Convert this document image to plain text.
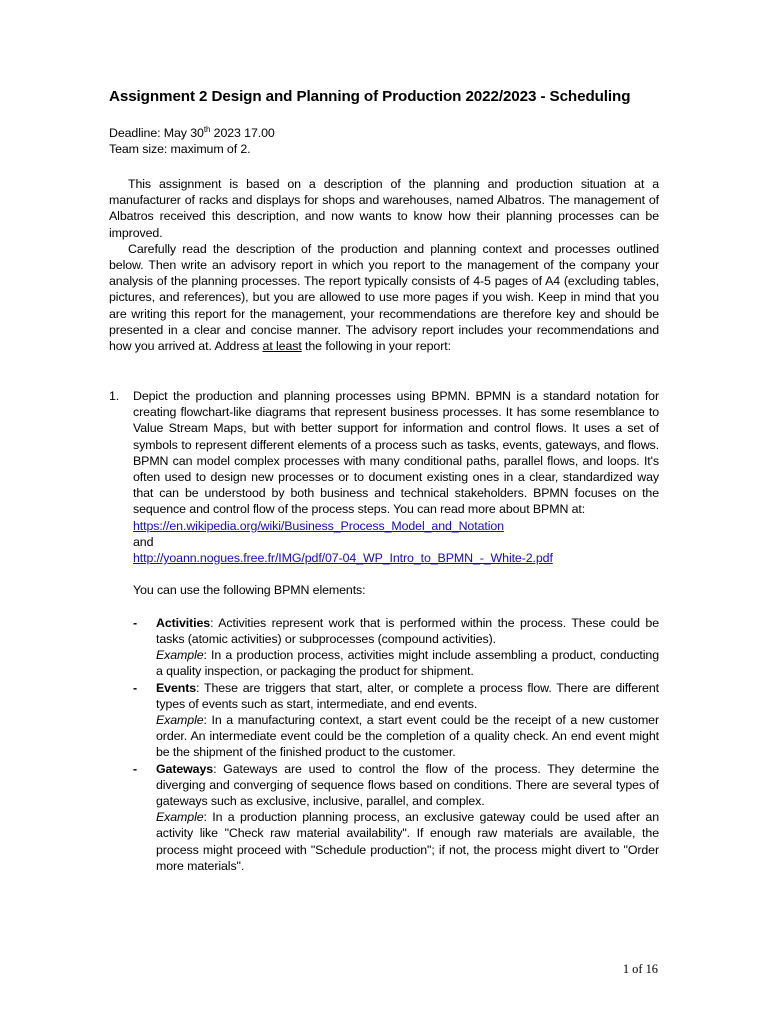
Assignment 2 Design and Planning of Production 2022/2023 - Scheduling

Deadline: May 30th 2023 17.00

Team size: maximum of 2.

This assignment is based on a description of the planning and production situation at a manufacturer of racks and displays for shops and warehouses, named Albatros. The management of Albatros received this description, and now wants to know how their planning processes can be improved.

Carefully read the description of the production and planning context and processes outlined below. Then write an advisory report in which you report to the management of the company your analysis of the planning processes. The report typically consists of 4-5 pages of A4 (excluding tables, pictures, and references), but you are allowed to use more pages if you wish. Keep in mind that you are writing this report for the management, your recommendations are therefore key and should be presented in a clear and concise manner. The advisory report includes your recommendations and how you arrived at. Address at least the following in your report:

1. Depict the production and planning processes using BPMN. BPMN is a standard notation for creating flowchart-like diagrams that represent business processes. It has some resemblance to Value Stream Maps, but with better support for information and control flows. It uses a set of symbols to represent different elements of a process such as tasks, events, gateways, and flows. BPMN can model complex processes with many conditional paths, parallel flows, and loops. It's often used to design new processes or to document existing ones in a clear, standardized way that can be understood by both business and technical stakeholders. BPMN focuses on the sequence and control flow of the process steps. You can read more about BPMN at:

https://en.wikipedia.org/wiki/Business_Process_Model_and_Notation

and

http://yoann.nogues.free.fr/IMG/pdf/07-04_WP_Intro_to_BPMN_-_White-2.pdf

You can use the following BPMN elements:

- Activities: Activities represent work that is performed within the process. These could be tasks (atomic activities) or subprocesses (compound activities).

Example: In a production process, activities might include assembling a product, conducting a quality inspection, or packaging the product for shipment.

- Events: These are triggers that start, alter, or complete a process flow. There are different types of events such as start, intermediate, and end events.

Example: In a manufacturing context, a start event could be the receipt of a new customer order. An intermediate event could be the completion of a quality check. An end event might be the shipment of the finished product to the customer.

- Gateways: Gateways are used to control the flow of the process. They determine the diverging and converging of sequence flows based on conditions. There are several types of gateways such as exclusive, inclusive, parallel, and complex.

Example: In a production planning process, an exclusive gateway could be used after an activity like "Check raw material availability". If enough raw materials are available, the process might proceed with "Schedule production"; if not, the process might divert to "Order more materials".

1 of 16
